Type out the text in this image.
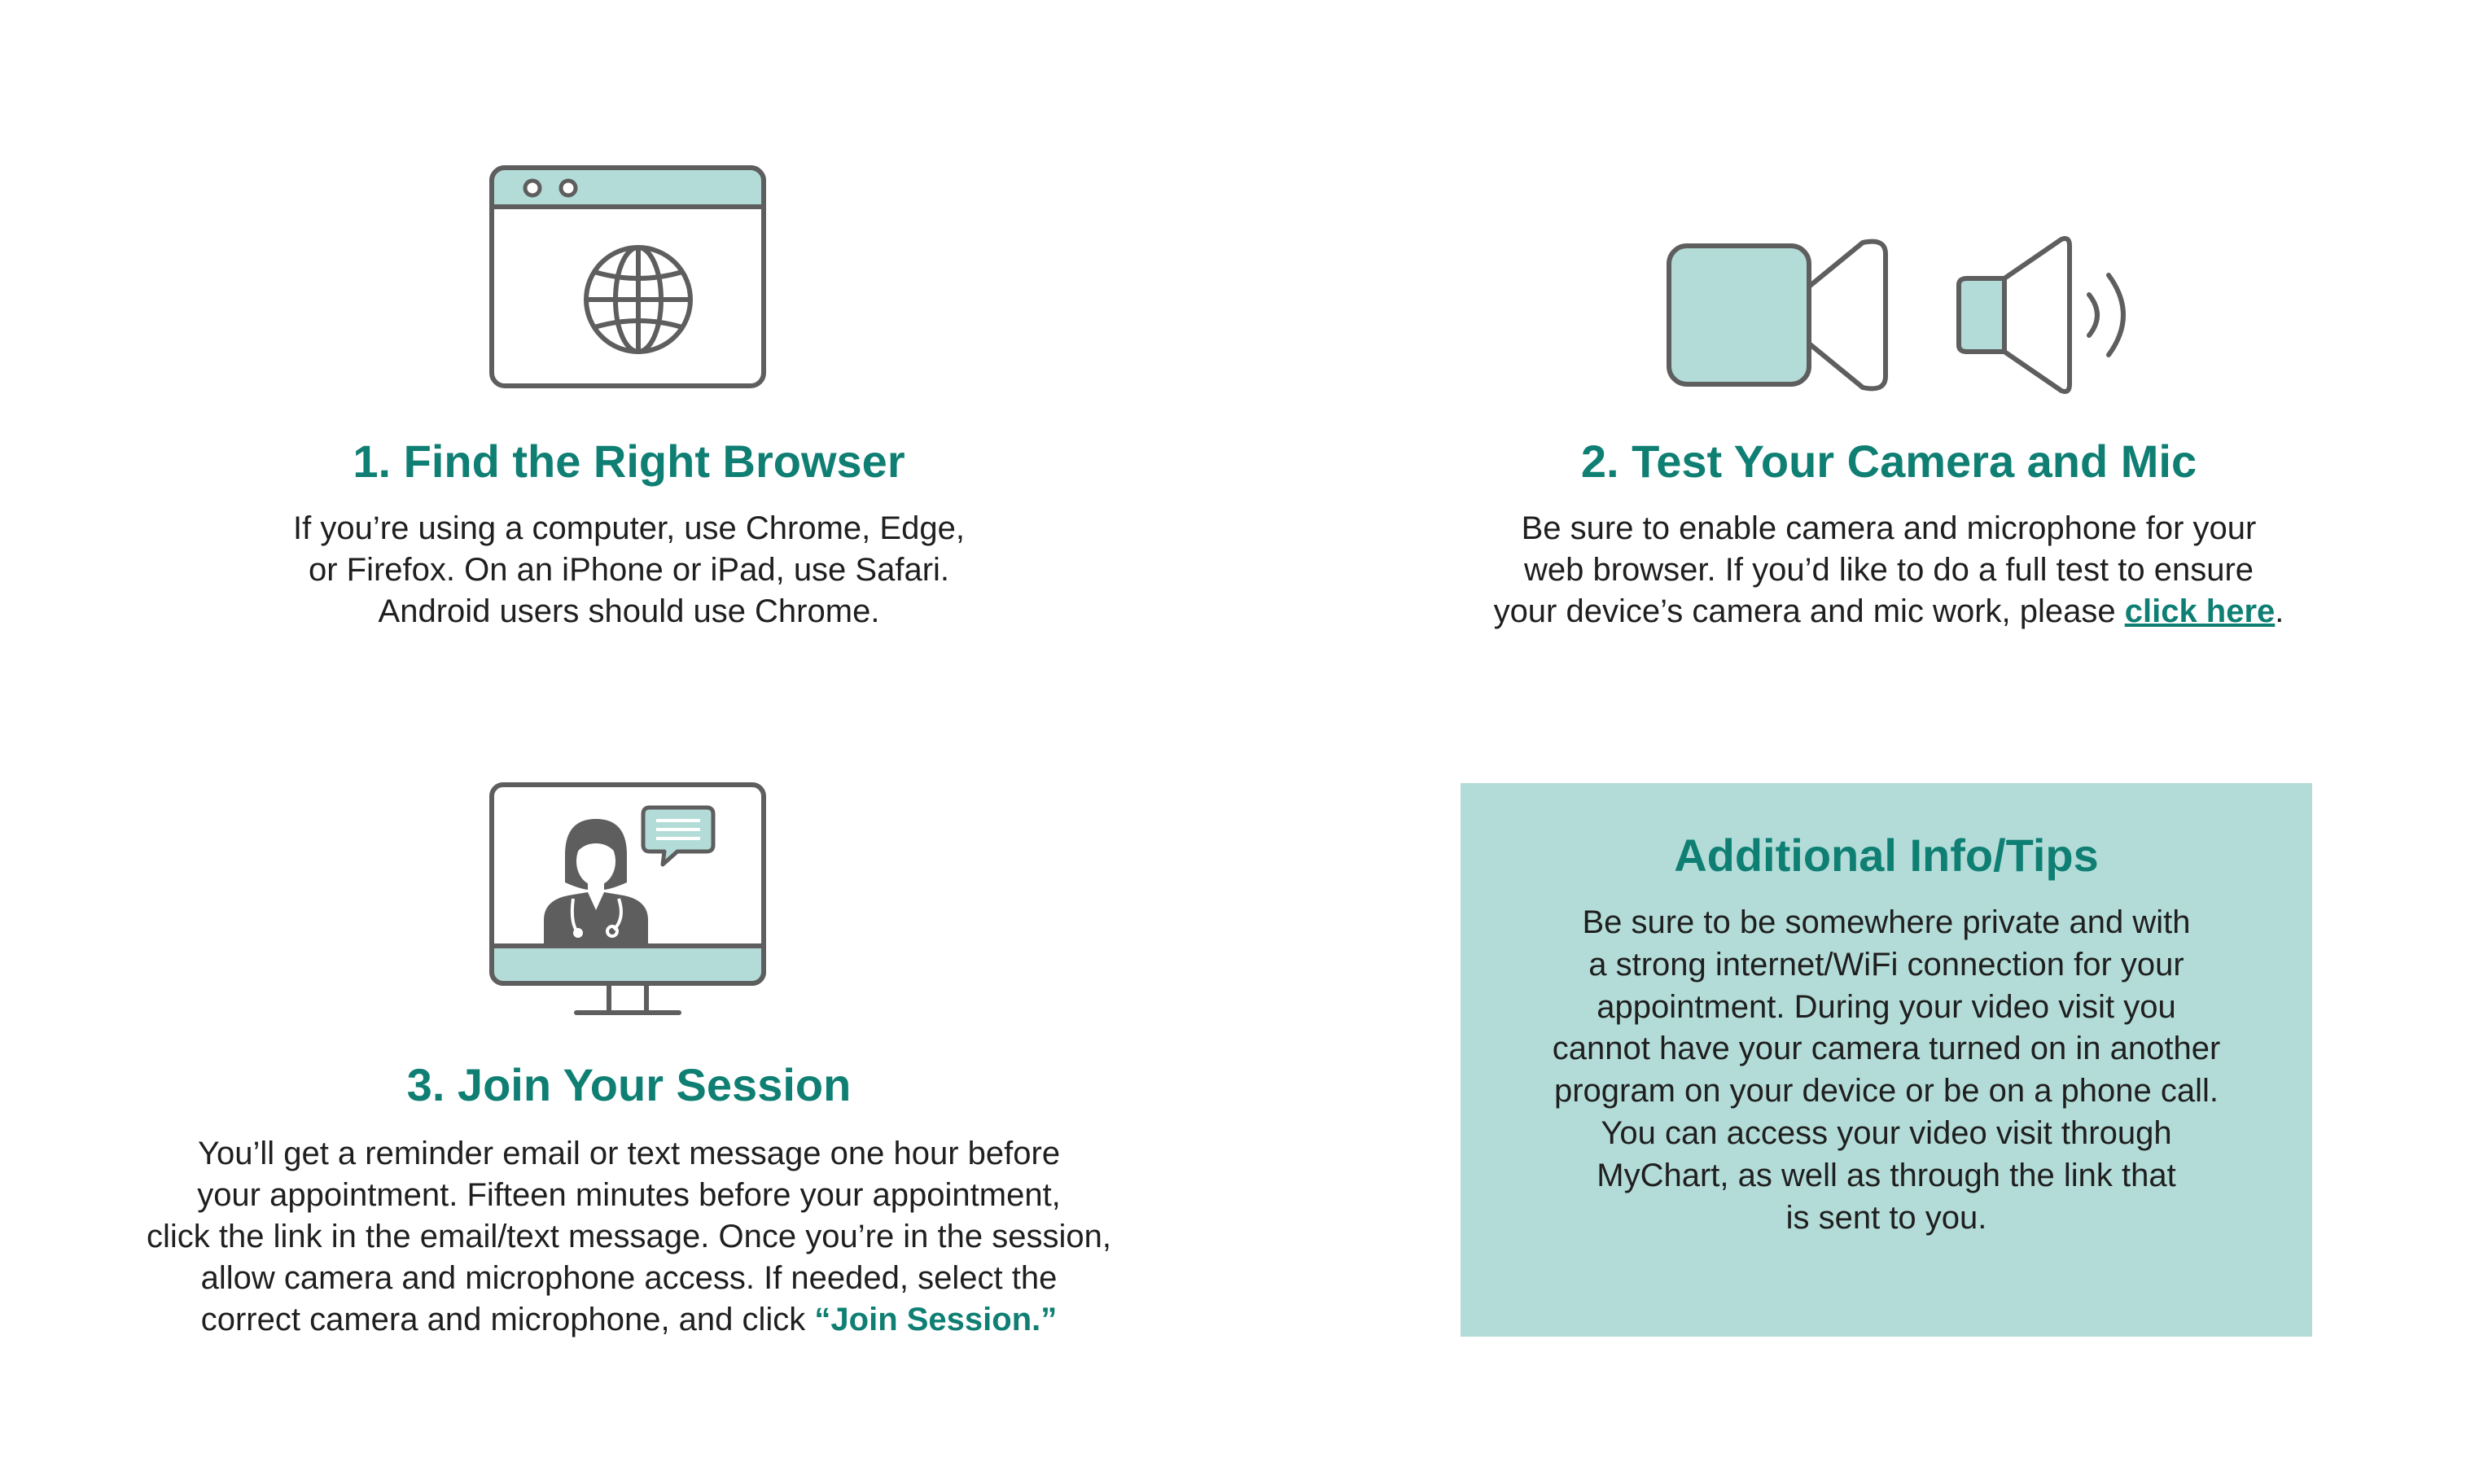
1. Find the Right Browser

If you’re using a computer, use Chrome, Edge,
or Firefox. On an iPhone or iPad, use Safari.
Android users should use Chrome.

2. Test Your Camera and Mic

Be sure to enable camera and microphone for your
web browser. If you’d like to do a full test to ensure
your device’s camera and mic work, please click here.

3. Join Your Session

You’ll get a reminder email or text message one hour before
your appointment. Fifteen minutes before your appointment,
click the link in the email/text message. Once you’re in the session,
allow camera and microphone access. If needed, select the
correct camera and microphone, and click “Join Session.”

Additional Info/Tips

Be sure to be somewhere private and with
a strong internet/WiFi connection for your
appointment. During your video visit you
cannot have your camera turned on in another
program on your device or be on a phone call.
You can access your video visit through
MyChart, as well as through the link that
is sent to you.
